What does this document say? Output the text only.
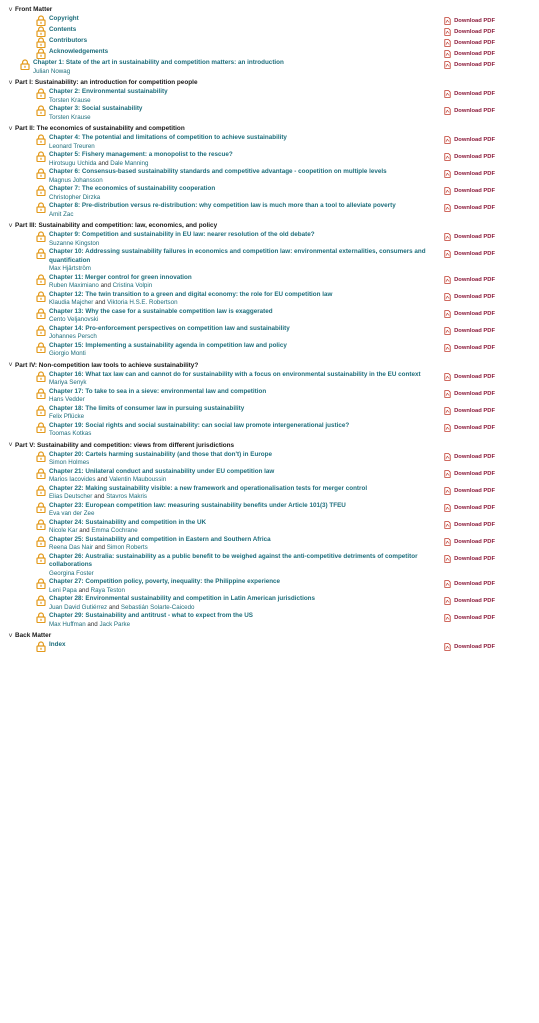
˅ Front Matter
Copyright	Download PDF
Contents	Download PDF
Contributors	Download PDF
Acknowledgements	Download PDF
Chapter 1: State of the art in sustainability and competition matters: an introduction
Julian Nowag
Download PDF
˅ Part I: Sustainability: an introduction for competition people
Chapter 2: Environmental sustainability
Torsten Krause
Download PDF
Chapter 3: Social sustainability
Torsten Krause
Download PDF
˅ Part II: The economics of sustainability and competition
Chapter 4: The potential and limitations of competition to achieve sustainability
Leonard Treuren
Download PDF
Chapter 5: Fishery management: a monopolist to the rescue?
Hirotsugu Uchida and Dale Manning
Download PDF
Chapter 6: Consensus-based sustainability standards and competitive advantage - coopetition on multiple levels
Magnus Johansson
Download PDF
Chapter 7: The economics of sustainability cooperation
Christopher Dirzka
Download PDF
Chapter 8: Pre-distribution versus re-distribution: why competition law is much more than a tool to alleviate poverty
Amit Zac
Download PDF
˅ Part III: Sustainability and competition: law, economics, and policy
Chapter 9: Competition and sustainability in EU law: nearer resolution of the old debate?
Suzanne Kingston
Download PDF
Chapter 10: Addressing sustainability failures in economics and competition law: environmental externalities, consumers and quantification
Max Hjärtström
Download PDF
Chapter 11: Merger control for green innovation
Ruben Maximiano and Cristina Volpin
Download PDF
Chapter 12: The twin transition to a green and digital economy: the role for EU competition law
Klaudia Majcher and Viktoria H.S.E. Robertson
Download PDF
Chapter 13: Why the case for a sustainable competition law is exaggerated
Cento Veljanovski
Download PDF
Chapter 14: Pro-enforcement perspectives on competition law and sustainability
Johannes Persch
Download PDF
Chapter 15: Implementing a sustainability agenda in competition law and policy
Giorgio Monti
Download PDF
˅ Part IV: Non-competition law tools to achieve sustainability?
Chapter 16: What tax law can and cannot do for sustainability with a focus on environmental sustainability in the EU context
Mariya Senyk
Download PDF
Chapter 17: To take to sea in a sieve: environmental law and competition
Hans Vedder
Download PDF
Chapter 18: The limits of consumer law in pursuing sustainability
Felix Pflücke
Download PDF
Chapter 19: Social rights and social sustainability: can social law promote intergenerational justice?
Toomas Kotkas
Download PDF
˅ Part V: Sustainability and competition: views from different jurisdictions
Chapter 20: Cartels harming sustainability (and those that don't) in Europe
Simon Holmes
Download PDF
Chapter 21: Unilateral conduct and sustainability under EU competition law
Marios Iacovides and Valentin Mauboussin
Download PDF
Chapter 22: Making sustainability visible: a new framework and operationalisation tests for merger control
Elias Deutscher and Stavros Makris
Download PDF
Chapter 23: European competition law: measuring sustainability benefits under Article 101(3) TFEU
Eva van der Zee
Download PDF
Chapter 24: Sustainability and competition in the UK
Nicole Kar and Emma Cochrane
Download PDF
Chapter 25: Sustainability and competition in Eastern and Southern Africa
Reena Das Nair and Simon Roberts
Download PDF
Chapter 26: Australia: sustainability as a public benefit to be weighed against the anti-competitive detriments of competitor collaborations
Georgina Foster
Download PDF
Chapter 27: Competition policy, poverty, inequality: the Philippine experience
Leni Papa and Raya Teston
Download PDF
Chapter 28: Environmental sustainability and competition in Latin American jurisdictions
Juan David Gutiérrez and Sebastián Solarte-Caicedo
Download PDF
Chapter 29: Sustainability and antitrust - what to expect from the US
Max Huffman and Jack Parke
Download PDF
˅ Back Matter
Index	Download PDF
